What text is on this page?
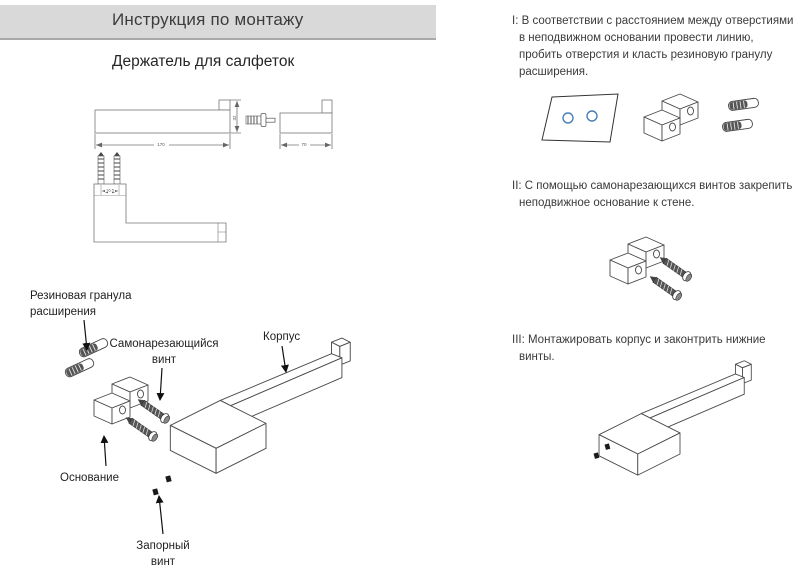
Инструкция по монтажу
Держатель для салфеток
32
170	70
16.5
Резиновая гранула расширения
Самонарезающийся винт
Корпус
Основание
Запорный винт
I: В соответствии с расстоянием между отверстиями в неподвижном основании провести линию, пробить отверстия и класть резиновую гранулу расширения.
II: С помощью самонарезающихся винтов закрепить неподвижное основание к стене.
III: Монтажировать корпус и законтрить нижние винты.
